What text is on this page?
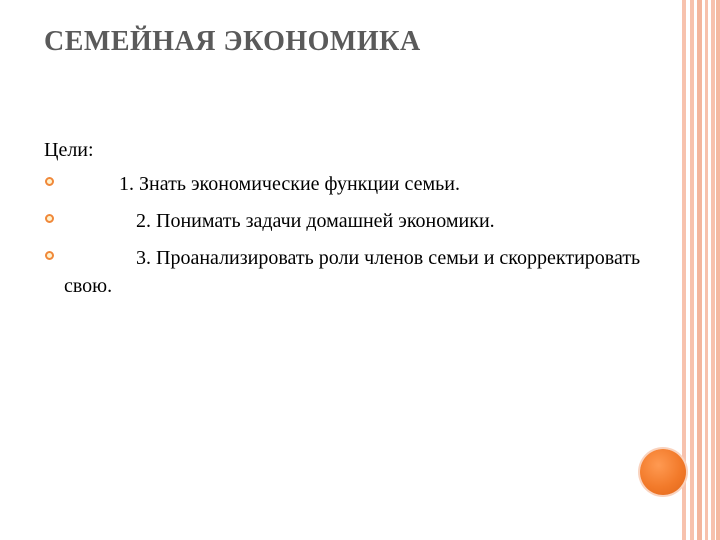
СЕМЕЙНАЯ ЭКОНОМИКА
Цели:
1. Знать экономические функции семьи.
2. Понимать задачи домашней экономики.
3. Проанализировать роли членов семьи и скорректировать свою.
